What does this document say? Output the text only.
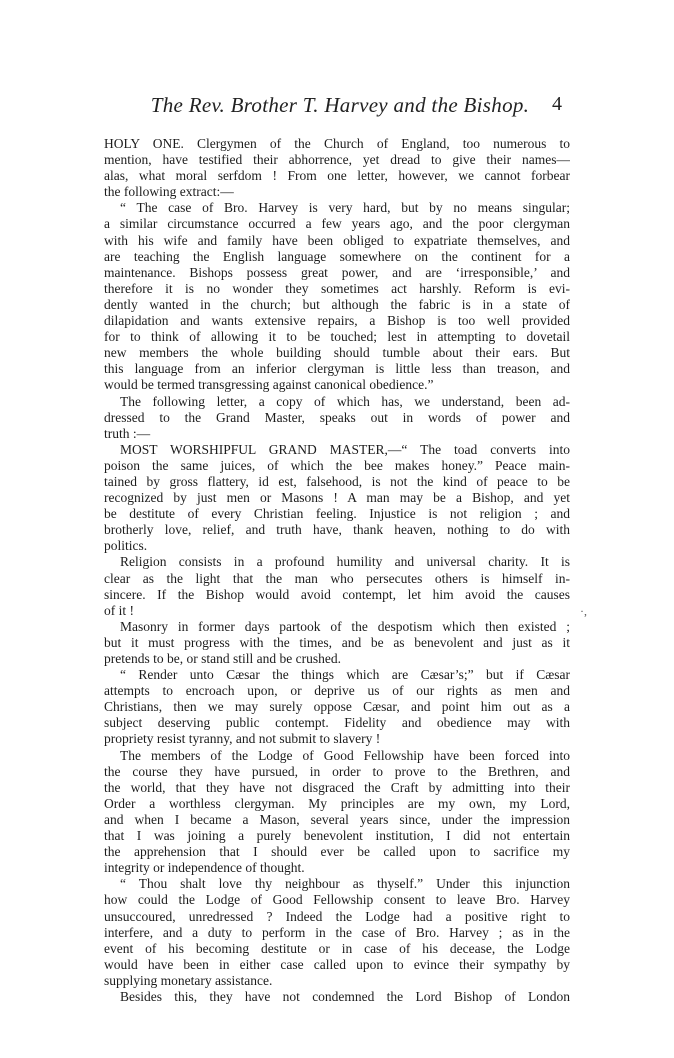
The Rev. Brother T. Harvey and the Bishop.	4
·,
HOLY ONE. Clergymen of the Church of England, too numerous to
mention, have testified their abhorrence, yet dread to give their names—
alas, what moral serfdom ! From one letter, however, we cannot forbear
the following extract:—
“ The case of Bro. Harvey is very hard, but by no means singular;
a similar circumstance occurred a few years ago, and the poor clergyman
with his wife and family have been obliged to expatriate themselves, and
are teaching the English language somewhere on the continent for a
maintenance. Bishops possess great power, and are ‘irresponsible,’ and
therefore it is no wonder they sometimes act harshly. Reform is evi-
dently wanted in the church; but although the fabric is in a state of
dilapidation and wants extensive repairs, a Bishop is too well provided
for to think of allowing it to be touched; lest in attempting to dovetail
new members the whole building should tumble about their ears. But
this language from an inferior clergyman is little less than treason, and
would be termed transgressing against canonical obedience.”
The following letter, a copy of which has, we understand, been ad-
dressed to the Grand Master, speaks out in words of power and
truth :—
MOST WORSHIPFUL GRAND MASTER,—“ The toad converts into
poison the same juices, of which the bee makes honey.” Peace main-
tained by gross flattery, id est, falsehood, is not the kind of peace to be
recognized by just men or Masons ! A man may be a Bishop, and yet
be destitute of every Christian feeling. Injustice is not religion ; and
brotherly love, relief, and truth have, thank heaven, nothing to do with
politics.
Religion consists in a profound humility and universal charity. It is
clear as the light that the man who persecutes others is himself in-
sincere. If the Bishop would avoid contempt, let him avoid the causes
of it !
Masonry in former days partook of the despotism which then existed ;
but it must progress with the times, and be as benevolent and just as it
pretends to be, or stand still and be crushed.
“ Render unto Cæsar the things which are Cæsar’s;” but if Cæsar
attempts to encroach upon, or deprive us of our rights as men and
Christians, then we may surely oppose Cæsar, and point him out as a
subject deserving public contempt. Fidelity and obedience may with
propriety resist tyranny, and not submit to slavery !
The members of the Lodge of Good Fellowship have been forced into
the course they have pursued, in order to prove to the Brethren, and
the world, that they have not disgraced the Craft by admitting into their
Order a worthless clergyman. My principles are my own, my Lord,
and when I became a Mason, several years since, under the impression
that I was joining a purely benevolent institution, I did not entertain
the apprehension that I should ever be called upon to sacrifice my
integrity or independence of thought.
“ Thou shalt love thy neighbour as thyself.” Under this injunction
how could the Lodge of Good Fellowship consent to leave Bro. Harvey
unsuccoured, unredressed ? Indeed the Lodge had a positive right to
interfere, and a duty to perform in the case of Bro. Harvey ; as in the
event of his becoming destitute or in case of his decease, the Lodge
would have been in either case called upon to evince their sympathy by
supplying monetary assistance.
Besides this, they have not condemned the Lord Bishop of London
